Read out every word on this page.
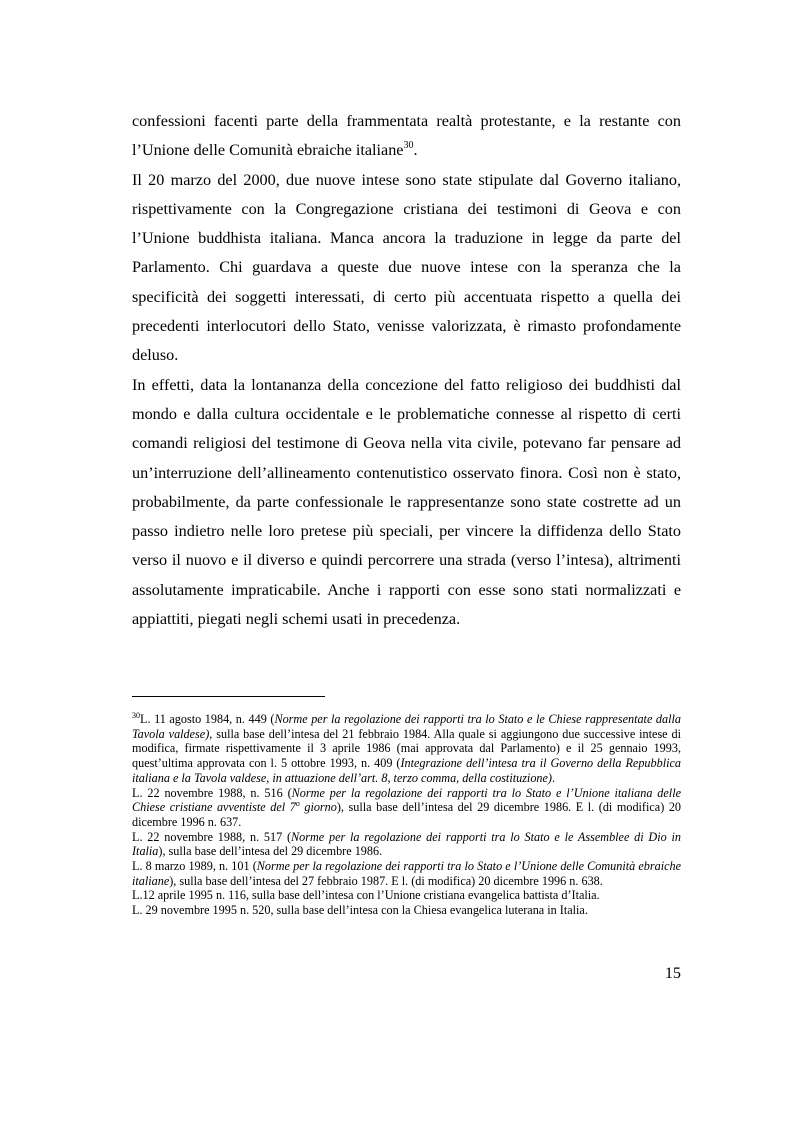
confessioni facenti parte della frammentata realtà protestante, e la restante con l’Unione delle Comunità ebraiche italiane$^{30}$.

Il 20 marzo del 2000, due nuove intese sono state stipulate dal Governo italiano, rispettivamente con la Congregazione cristiana dei testimoni di Geova e con l’Unione buddhista italiana. Manca ancora la traduzione in legge da parte del Parlamento. Chi guardava a queste due nuove intese con la speranza che la specificità dei soggetti interessati, di certo più accentuata rispetto a quella dei precedenti interlocutori dello Stato, venisse valorizzata, è rimasto profondamente deluso.

In effetti, data la lontananza della concezione del fatto religioso dei buddhisti dal mondo e dalla cultura occidentale e le problematiche connesse al rispetto di certi comandi religiosi del testimone di Geova nella vita civile, potevano far pensare ad un’interruzione dell’allineamento contenutistico osservato finora. Così non è stato, probabilmente, da parte confessionale le rappresentanze sono state costrette ad un passo indietro nelle loro pretese più speciali, per vincere la diffidenza dello Stato verso il nuovo e il diverso e quindi percorrere una strada (verso l’intesa), altrimenti assolutamente impraticabile. Anche i rapporti con esse sono stati normalizzati e appiattiti, piegati negli schemi usati in precedenza.

$^{30}$L. 11 agosto 1984, n. 449 (Norme per la regolazione dei rapporti tra lo Stato e le Chiese rappresentate dalla Tavola valdese), sulla base dell’intesa del 21 febbraio 1984. Alla quale si aggiungono due successive intese di modifica, firmate rispettivamente il 3 aprile 1986 (mai approvata dal Parlamento) e il 25 gennaio 1993, quest’ultima approvata con l. 5 ottobre 1993, n. 409 (Integrazione dell’intesa tra il Governo della Repubblica italiana e la Tavola valdese, in attuazione dell’art. 8, terzo comma, della costituzione).

L. 22 novembre 1988, n. 516 (Norme per la regolazione dei rapporti tra lo Stato e l’Unione italiana delle Chiese cristiane avventiste del 7$^o$ giorno), sulla base dell’intesa del 29 dicembre 1986. E l. (di modifica) 20 dicembre 1996 n. 637.

L. 22 novembre 1988, n. 517 (Norme per la regolazione dei rapporti tra lo Stato e le Assemblee di Dio in Italia), sulla base dell’intesa del 29 dicembre 1986.

L. 8 marzo 1989, n. 101 (Norme per la regolazione dei rapporti tra lo Stato e l’Unione delle Comunità ebraiche italiane), sulla base dell’intesa del 27 febbraio 1987. E l. (di modifica) 20 dicembre 1996 n. 638.

L.12 aprile 1995 n. 116, sulla base dell’intesa con l’Unione cristiana evangelica battista d’Italia.

L. 29 novembre 1995 n. 520, sulla base dell’intesa con la Chiesa evangelica luterana in Italia.

15
